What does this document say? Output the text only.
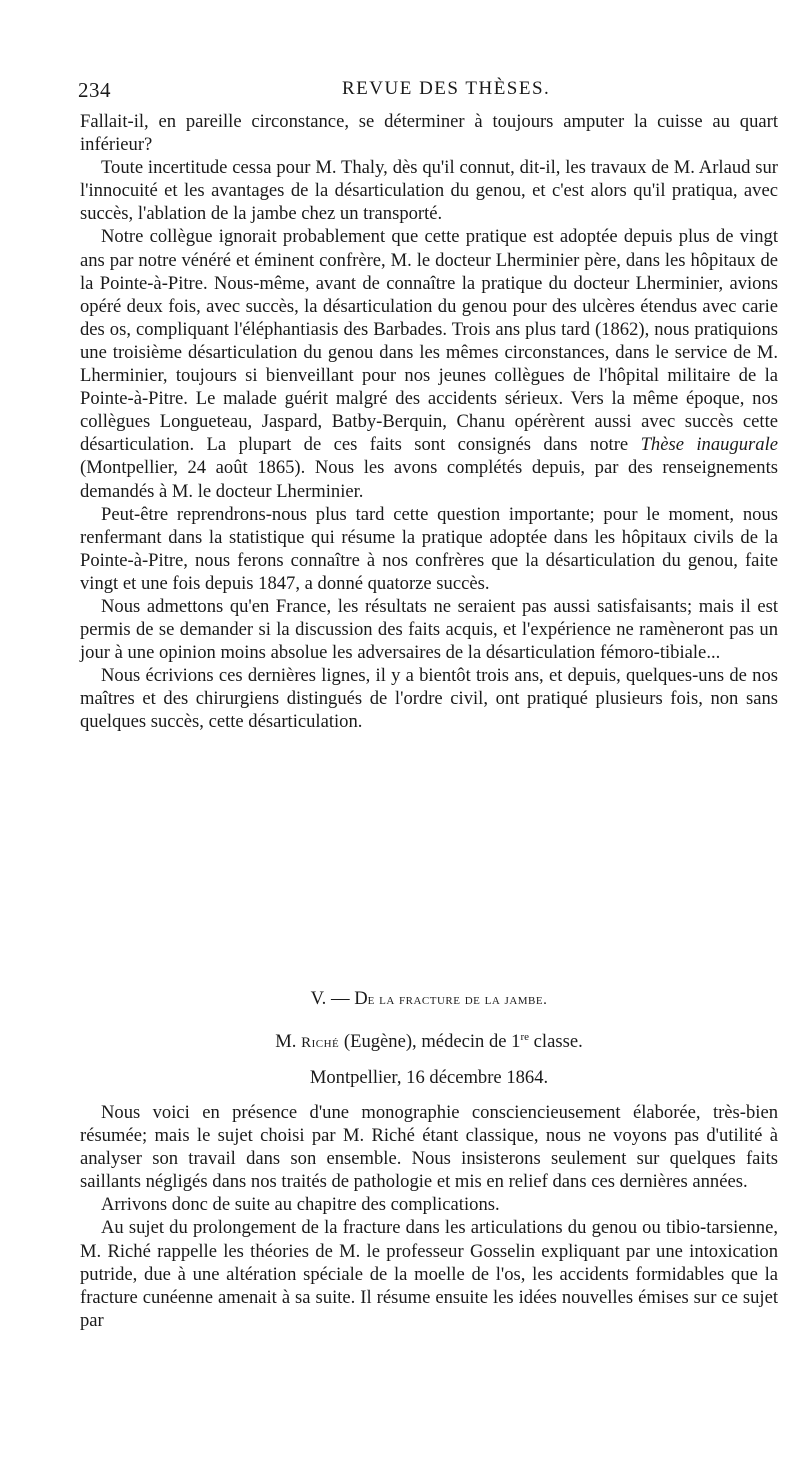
234	REVUE DES THÈSES.

Fallait-il, en pareille circonstance, se déterminer à toujours amputer la cuisse au quart inférieur?

Toute incertitude cessa pour M. Thaly, dès qu'il connut, dit-il, les travaux de M. Arlaud sur l'innocuité et les avantages de la désarticulation du genou, et c'est alors qu'il pratiqua, avec succès, l'ablation de la jambe chez un transporté.

Notre collègue ignorait probablement que cette pratique est adoptée depuis plus de vingt ans par notre vénéré et éminent confrère, M. le docteur Lherminier père, dans les hôpitaux de la Pointe-à-Pitre. Nous-même, avant de connaître la pratique du docteur Lherminier, avions opéré deux fois, avec succès, la désarticulation du genou pour des ulcères étendus avec carie des os, compliquant l'éléphantiasis des Barbades. Trois ans plus tard (1862), nous pratiquions une troisième désarticulation du genou dans les mêmes circonstances, dans le service de M. Lherminier, toujours si bienveillant pour nos jeunes collègues de l'hôpital militaire de la Pointe-à-Pitre. Le malade guérit malgré des accidents sérieux. Vers la même époque, nos collègues Longueteau, Jaspard, Batby-Berquin, Chanu opérèrent aussi avec succès cette désarticulation. La plupart de ces faits sont consignés dans notre Thèse inaugurale (Montpellier, 24 août 1865). Nous les avons complétés depuis, par des renseignements demandés à M. le docteur Lherminier.

Peut-être reprendrons-nous plus tard cette question importante; pour le moment, nous renfermant dans la statistique qui résume la pratique adoptée dans les hôpitaux civils de la Pointe-à-Pitre, nous ferons connaître à nos confrères que la désarticulation du genou, faite vingt et une fois depuis 1847, a donné quatorze succès.

Nous admettons qu'en France, les résultats ne seraient pas aussi satisfaisants; mais il est permis de se demander si la discussion des faits acquis, et l'expérience ne ramèneront pas un jour à une opinion moins absolue les adversaires de la désarticulation fémoro-tibiale...

Nous écrivions ces dernières lignes, il y a bientôt trois ans, et depuis, quelques-uns de nos maîtres et des chirurgiens distingués de l'ordre civil, ont pratiqué plusieurs fois, non sans quelques succès, cette désarticulation.

V. — De la fracture de la jambe.
M. Riché (Eugène), médecin de 1re classe.
Montpellier, 16 décembre 1864.

Nous voici en présence d'une monographie consciencieusement élaborée, très-bien résumée; mais le sujet choisi par M. Riché étant classique, nous ne voyons pas d'utilité à analyser son travail dans son ensemble. Nous insisterons seulement sur quelques faits saillants négligés dans nos traités de pathologie et mis en relief dans ces dernières années.

Arrivons donc de suite au chapitre des complications.

Au sujet du prolongement de la fracture dans les articulations du genou ou tibio-tarsienne, M. Riché rappelle les théories de M. le professeur Gosselin expliquant par une intoxication putride, due à une altération spéciale de la moelle de l'os, les accidents formidables que la fracture cunéenne amenait à sa suite. Il résume ensuite les idées nouvelles émises sur ce sujet par
